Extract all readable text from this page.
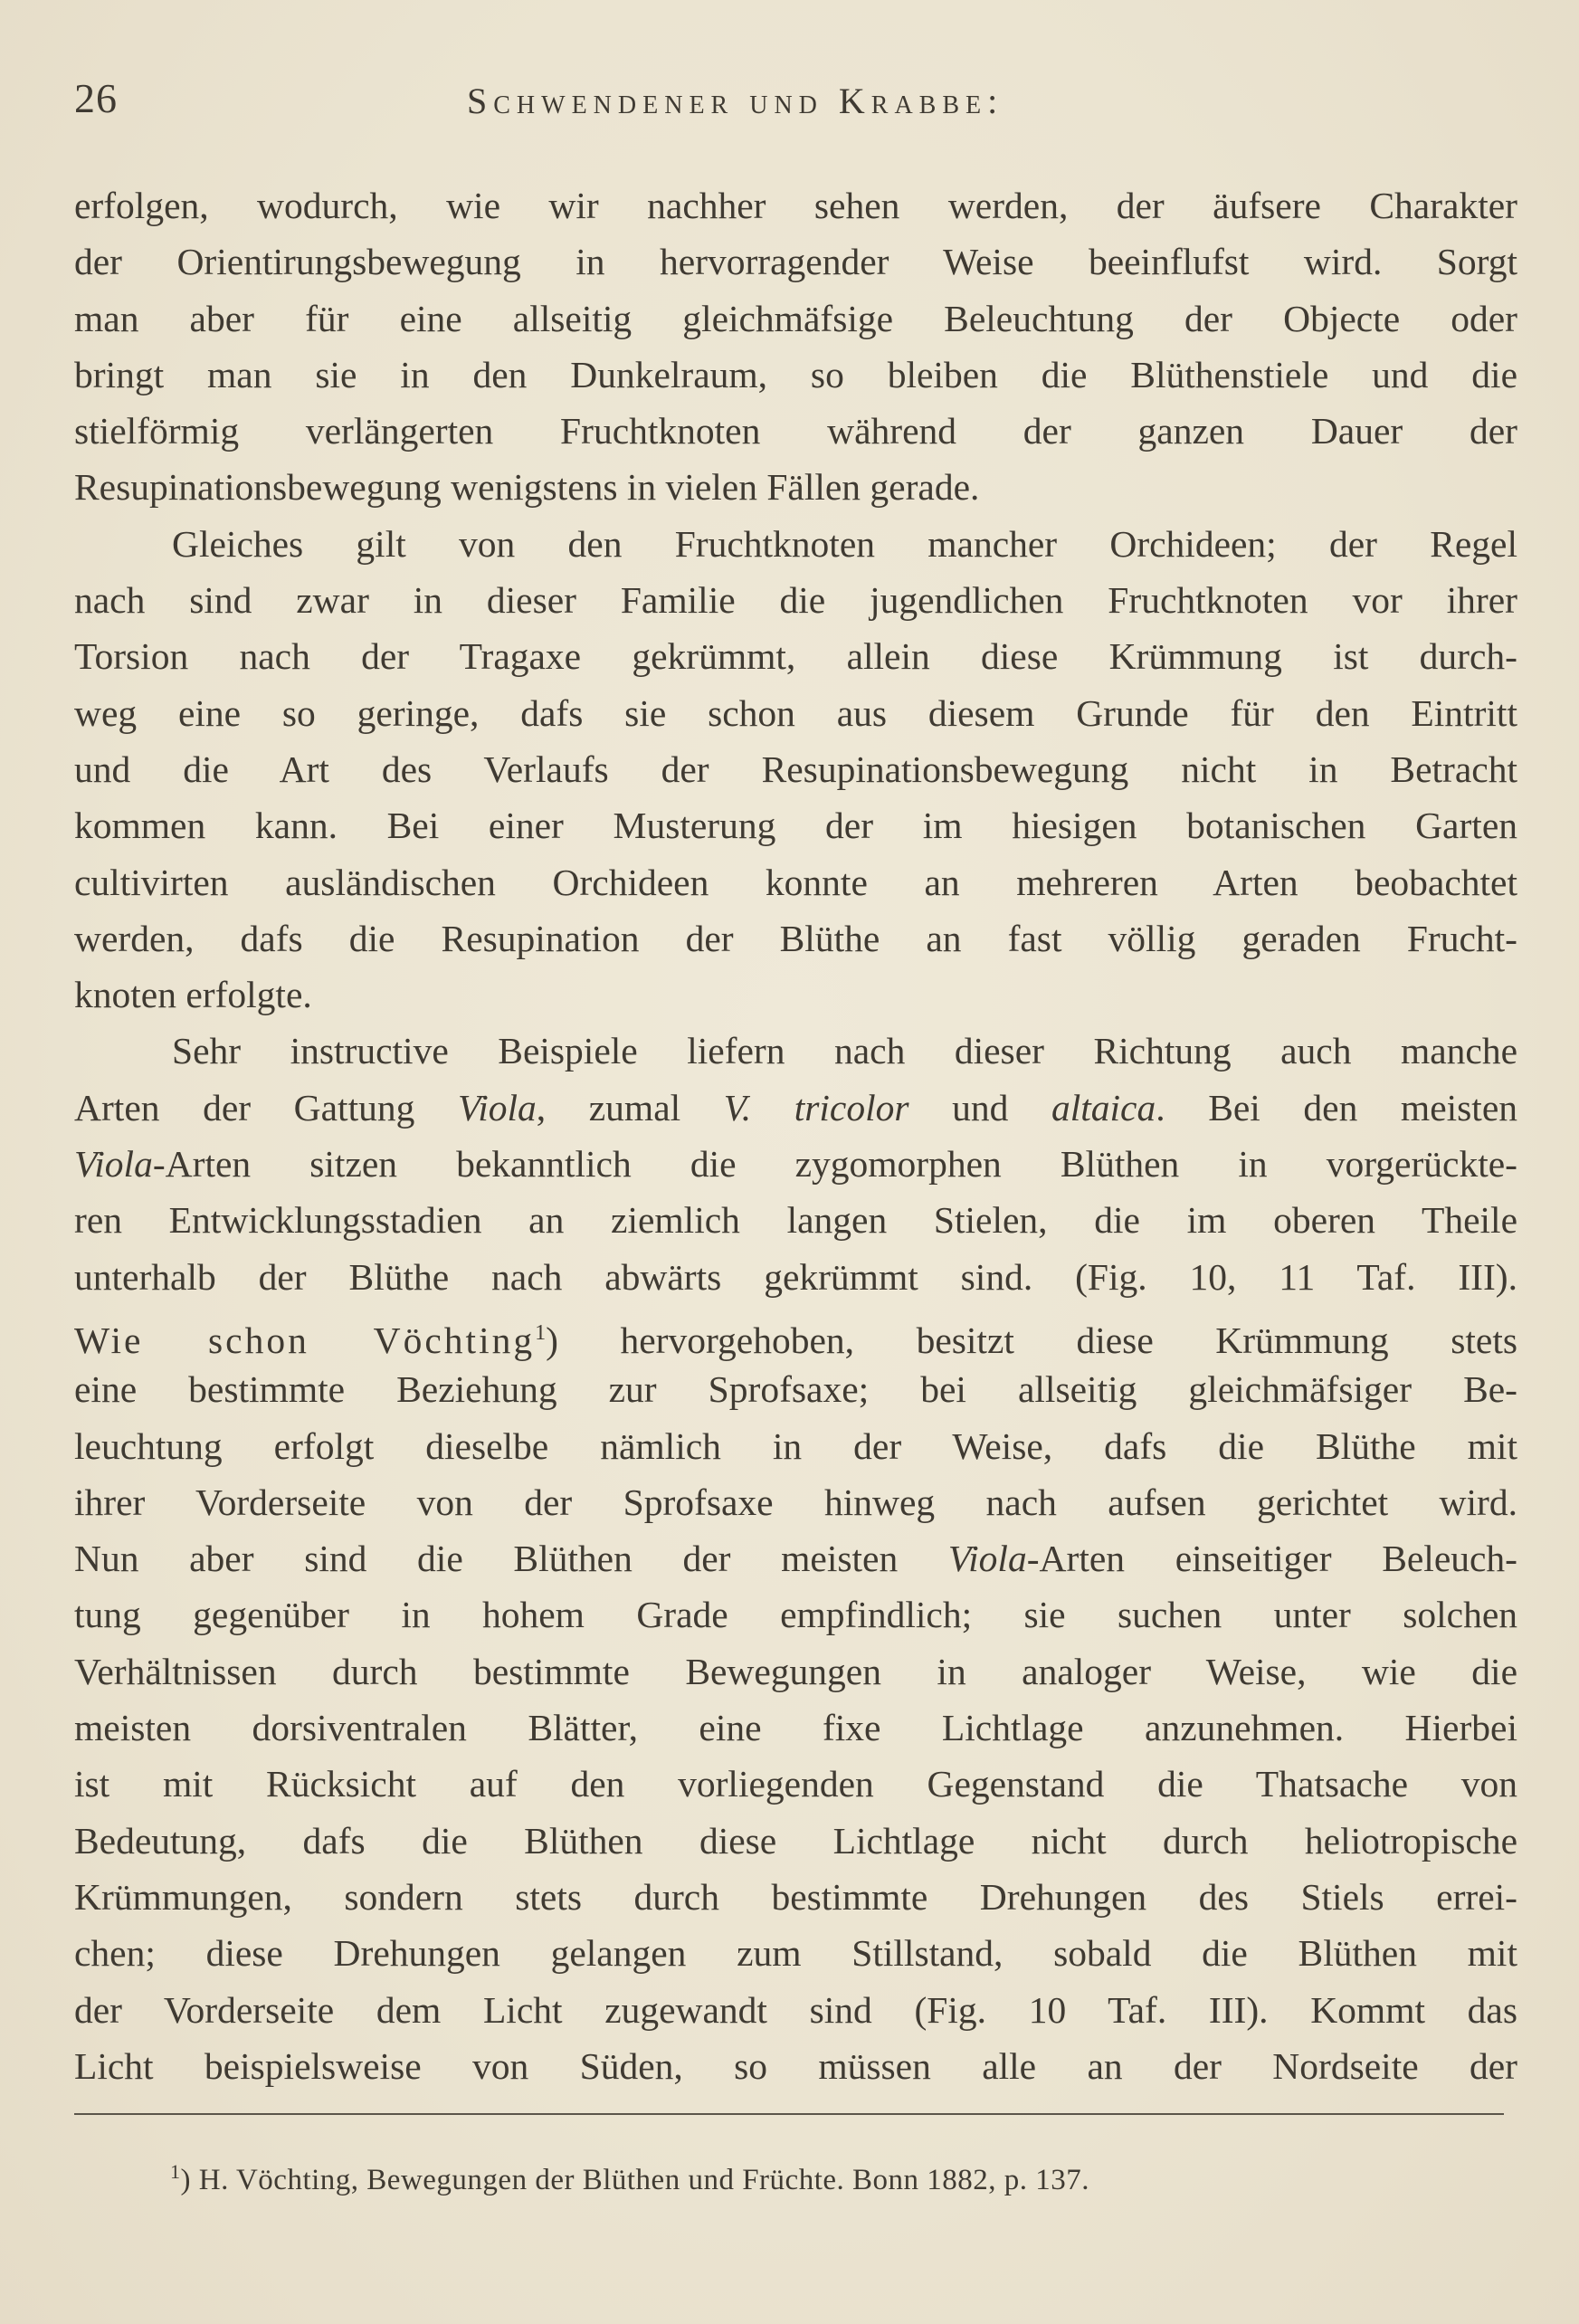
26	Schwendener und Krabbe:
erfolgen, wodurch, wie wir nachher sehen werden, der äufsere Charakter
der Orientirungsbewegung in hervorragender Weise beeinflufst wird. Sorgt
man aber für eine allseitig gleichmäfsige Beleuchtung der Objecte oder
bringt man sie in den Dunkelraum, so bleiben die Blüthenstiele und die
stielförmig verlängerten Fruchtknoten während der ganzen Dauer der
Resupinationsbewegung wenigstens in vielen Fällen gerade.
Gleiches gilt von den Fruchtknoten mancher Orchideen; der Regel
nach sind zwar in dieser Familie die jugendlichen Fruchtknoten vor ihrer
Torsion nach der Tragaxe gekrümmt, allein diese Krümmung ist durch-
weg eine so geringe, dafs sie schon aus diesem Grunde für den Eintritt
und die Art des Verlaufs der Resupinationsbewegung nicht in Betracht
kommen kann. Bei einer Musterung der im hiesigen botanischen Garten
cultivirten ausländischen Orchideen konnte an mehreren Arten beobachtet
werden, dafs die Resupination der Blüthe an fast völlig geraden Frucht-
knoten erfolgte.
Sehr instructive Beispiele liefern nach dieser Richtung auch manche
Arten der Gattung Viola, zumal V. tricolor und altaica. Bei den meisten
Viola-Arten sitzen bekanntlich die zygomorphen Blüthen in vorgerückte-
ren Entwicklungsstadien an ziemlich langen Stielen, die im oberen Theile
unterhalb der Blüthe nach abwärts gekrümmt sind. (Fig. 10, 11 Taf. III).
Wie schon Vöchting$^1$) hervorgehoben, besitzt diese Krümmung stets
eine bestimmte Beziehung zur Sprofsaxe; bei allseitig gleichmäfsiger Be-
leuchtung erfolgt dieselbe nämlich in der Weise, dafs die Blüthe mit
ihrer Vorderseite von der Sprofsaxe hinweg nach aufsen gerichtet wird.
Nun aber sind die Blüthen der meisten Viola-Arten einseitiger Beleuch-
tung gegenüber in hohem Grade empfindlich; sie suchen unter solchen
Verhältnissen durch bestimmte Bewegungen in analoger Weise, wie die
meisten dorsiventralen Blätter, eine fixe Lichtlage anzunehmen. Hierbei
ist mit Rücksicht auf den vorliegenden Gegenstand die Thatsache von
Bedeutung, dafs die Blüthen diese Lichtlage nicht durch heliotropische
Krümmungen, sondern stets durch bestimmte Drehungen des Stiels errei-
chen; diese Drehungen gelangen zum Stillstand, sobald die Blüthen mit
der Vorderseite dem Licht zugewandt sind (Fig. 10 Taf. III). Kommt das
Licht beispielsweise von Süden, so müssen alle an der Nordseite der
$^1$) H. Vöchting, Bewegungen der Blüthen und Früchte. Bonn 1882, p. 137.
